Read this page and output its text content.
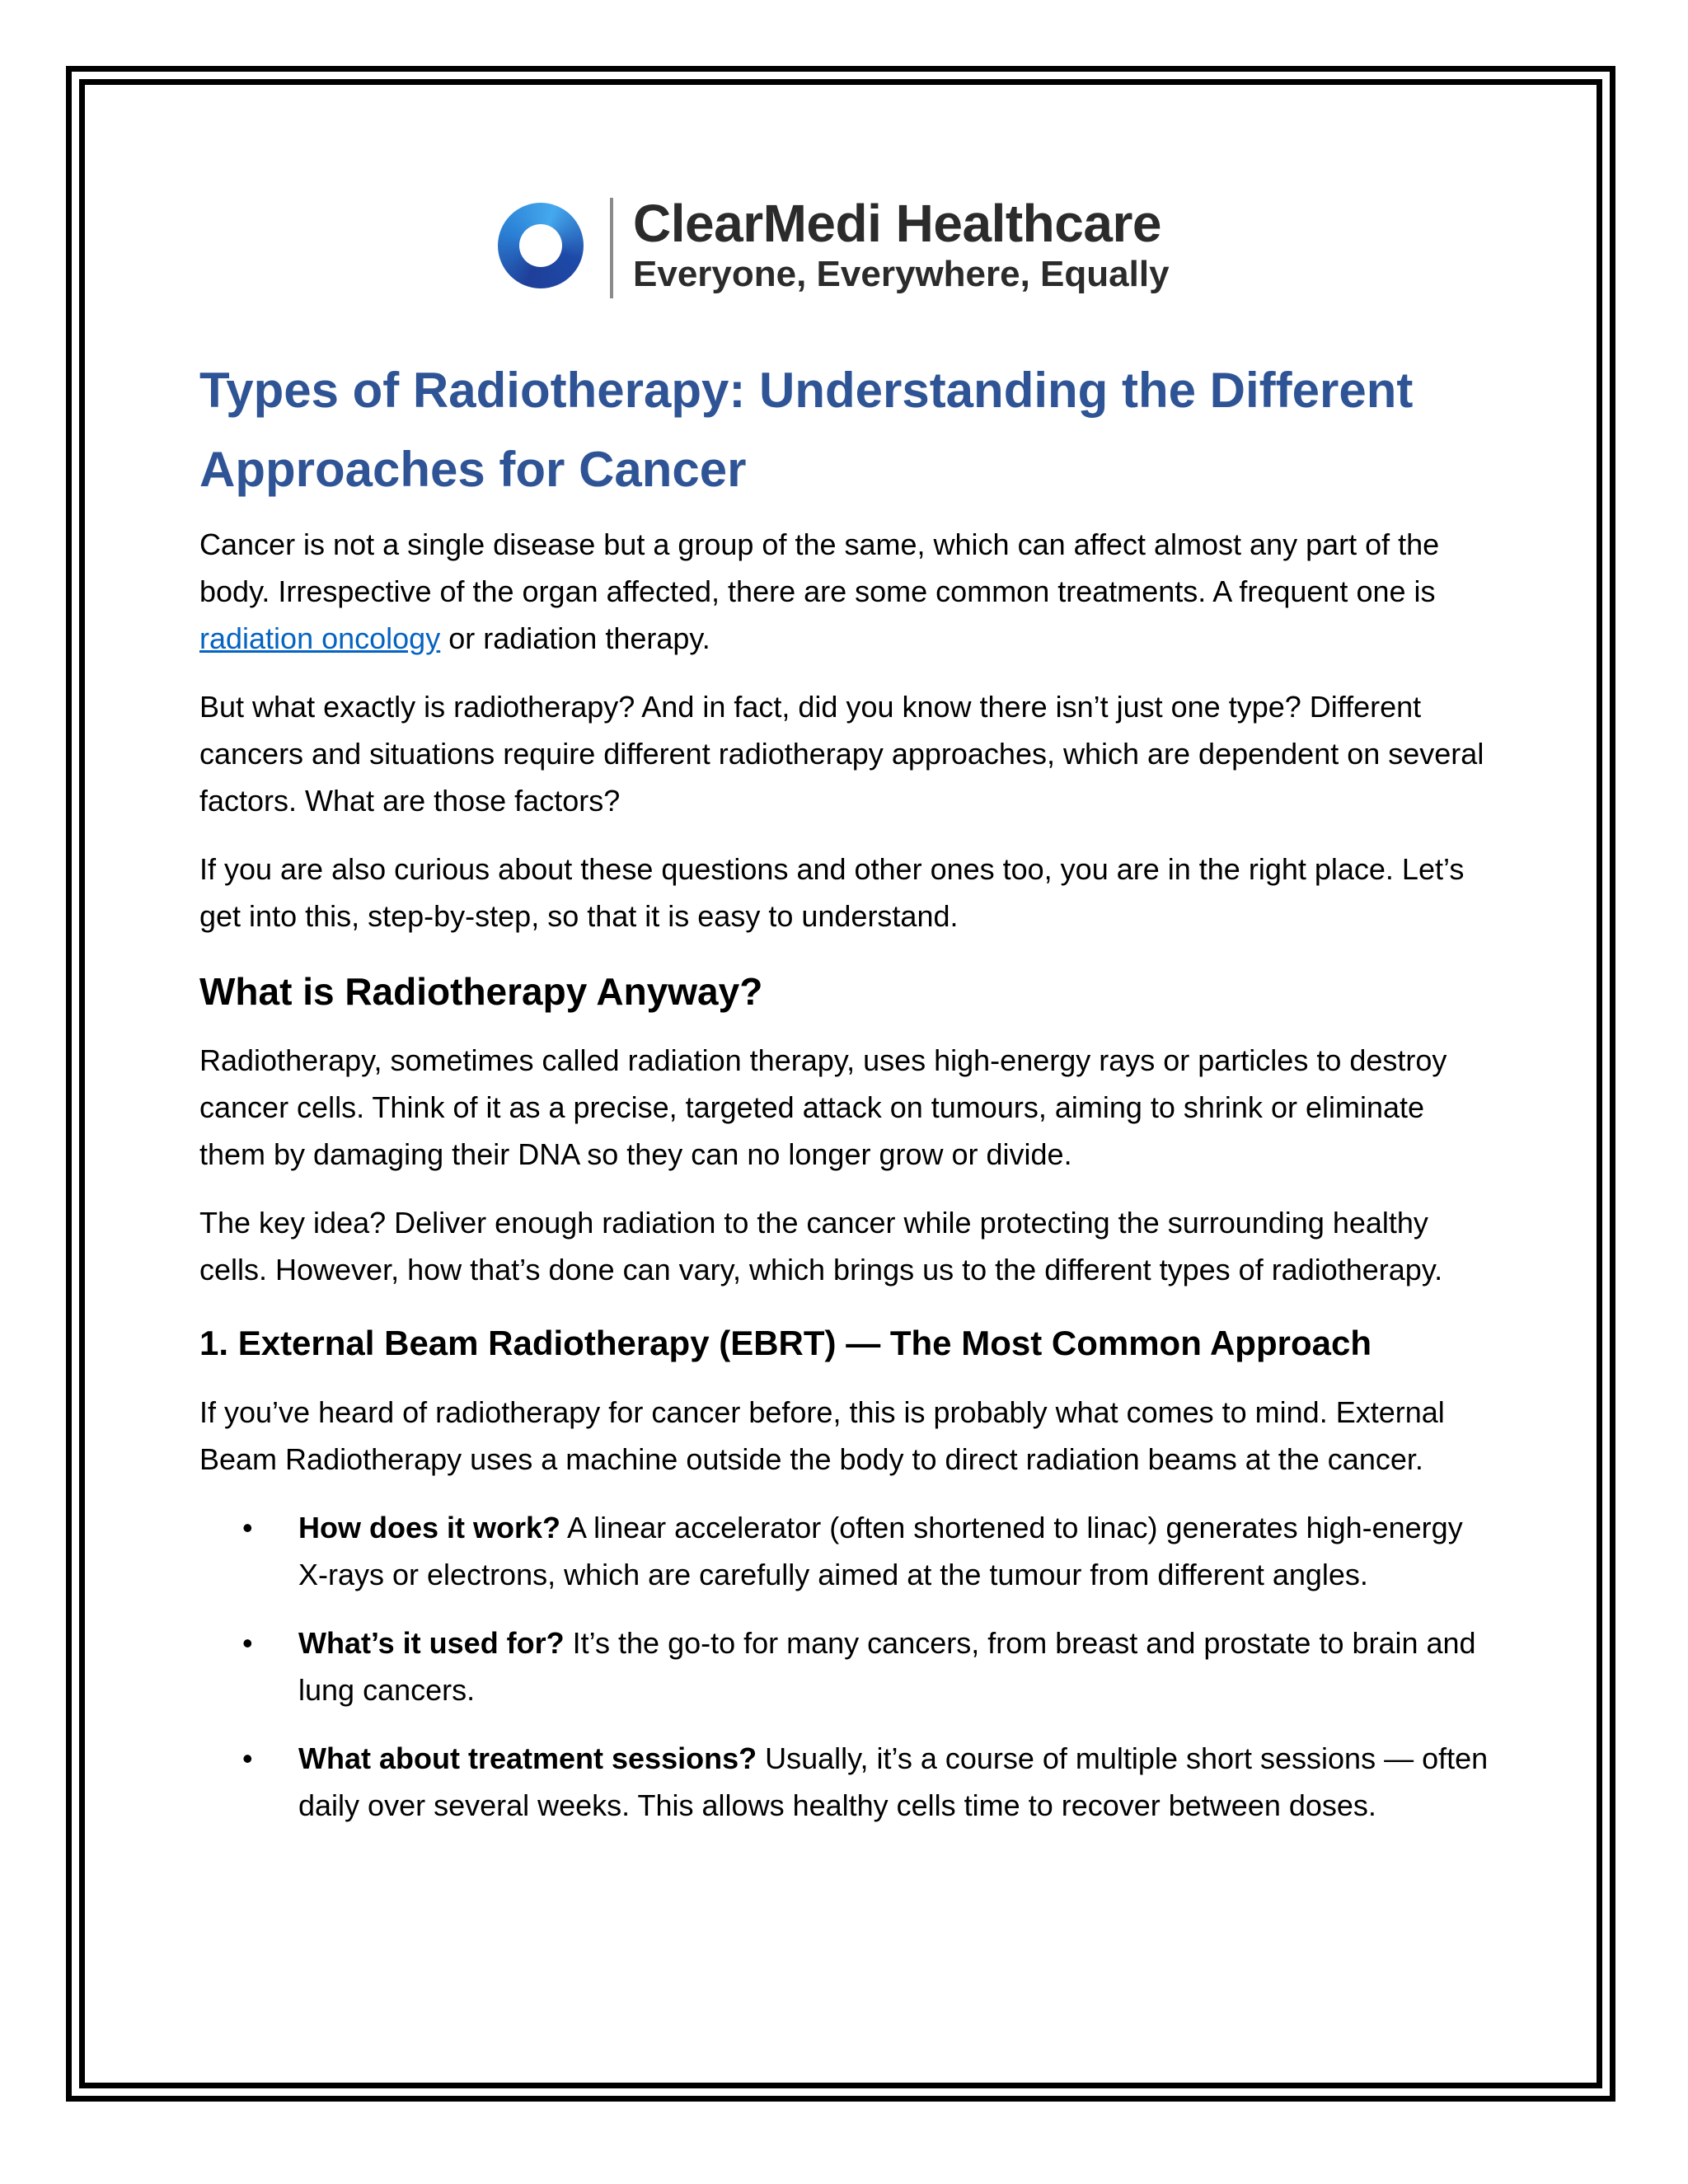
ClearMedi Healthcare
Everyone, Everywhere, Equally
Types of Radiotherapy: Understanding the Different Approaches for Cancer

Cancer is not a single disease but a group of the same, which can affect almost any part of the body. Irrespective of the organ affected, there are some common treatments. A frequent one is radiation oncology or radiation therapy.

But what exactly is radiotherapy? And in fact, did you know there isn’t just one type? Different cancers and situations require different radiotherapy approaches, which are dependent on several factors. What are those factors?

If you are also curious about these questions and other ones too, you are in the right place. Let’s get into this, step-by-step, so that it is easy to understand.

What is Radiotherapy Anyway?

Radiotherapy, sometimes called radiation therapy, uses high-energy rays or particles to destroy cancer cells. Think of it as a precise, targeted attack on tumours, aiming to shrink or eliminate them by damaging their DNA so they can no longer grow or divide.

The key idea? Deliver enough radiation to the cancer while protecting the surrounding healthy cells. However, how that’s done can vary, which brings us to the different types of radiotherapy.

1. External Beam Radiotherapy (EBRT) — The Most Common Approach

If you’ve heard of radiotherapy for cancer before, this is probably what comes to mind. External Beam Radiotherapy uses a machine outside the body to direct radiation beams at the cancer.

• How does it work? A linear accelerator (often shortened to linac) generates high-energy X-rays or electrons, which are carefully aimed at the tumour from different angles.
• What’s it used for? It’s the go-to for many cancers, from breast and prostate to brain and lung cancers.
• What about treatment sessions? Usually, it’s a course of multiple short sessions — often daily over several weeks. This allows healthy cells time to recover between doses.
